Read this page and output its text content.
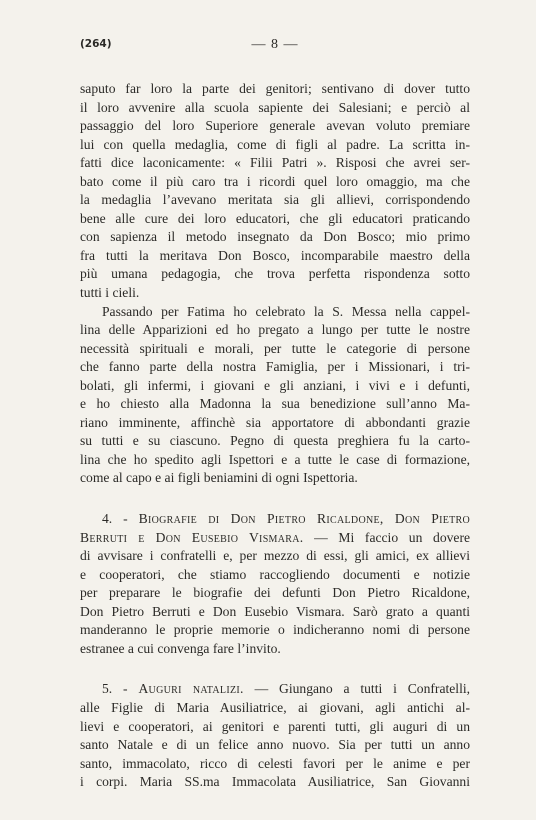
(264)	— 8 —

saputo far loro la parte dei genitori; sentivano di dover tutto

il loro avvenire alla scuola sapiente dei Salesiani; e perciò al

passaggio del loro Superiore generale avevan voluto premiare

lui con quella medaglia, come di figli al padre. La scritta in-

fatti dice laconicamente: « Filii Patri ». Risposi che avrei ser-

bato come il più caro tra i ricordi quel loro omaggio, ma che

la medaglia l’avevano meritata sia gli allievi, corrispondendo

bene alle cure dei loro educatori, che gli educatori praticando

con sapienza il metodo insegnato da Don Bosco; mio primo

fra tutti la meritava Don Bosco, incomparabile maestro della

più umana pedagogia, che trova perfetta rispondenza sotto

tutti i cieli.

Passando per Fatima ho celebrato la S. Messa nella cappel-

lina delle Apparizioni ed ho pregato a lungo per tutte le nostre

necessità spirituali e morali, per tutte le categorie di persone

che fanno parte della nostra Famiglia, per i Missionari, i tri-

bolati, gli infermi, i giovani e gli anziani, i vivi e i defunti,

e ho chiesto alla Madonna la sua benedizione sull’anno Ma-

riano imminente, affinchè sia apportatore di abbondanti grazie

su tutti e su ciascuno. Pegno di questa preghiera fu la carto-

lina che ho spedito agli Ispettori e a tutte le case di formazione,

come al capo e ai figli beniamini di ogni Ispettoria.

4. - Biografie di Don Pietro Ricaldone, Don Pietro

Berruti e Don Eusebio Vismara. — Mi faccio un dovere

di avvisare i confratelli e, per mezzo di essi, gli amici, ex allievi

e cooperatori, che stiamo raccogliendo documenti e notizie

per preparare le biografie dei defunti Don Pietro Ricaldone,

Don Pietro Berruti e Don Eusebio Vismara. Sarò grato a quanti

manderanno le proprie memorie o indicheranno nomi di persone

estranee a cui convenga fare l’invito.

5. - Auguri natalizi. — Giungano a tutti i Confratelli,

alle Figlie di Maria Ausiliatrice, ai giovani, agli antichi al-

lievi e cooperatori, ai genitori e parenti tutti, gli auguri di un

santo Natale e di un felice anno nuovo. Sia per tutti un anno

santo, immacolato, ricco di celesti favori per le anime e per

i corpi. Maria SS.ma Immacolata Ausiliatrice, San Giovanni
